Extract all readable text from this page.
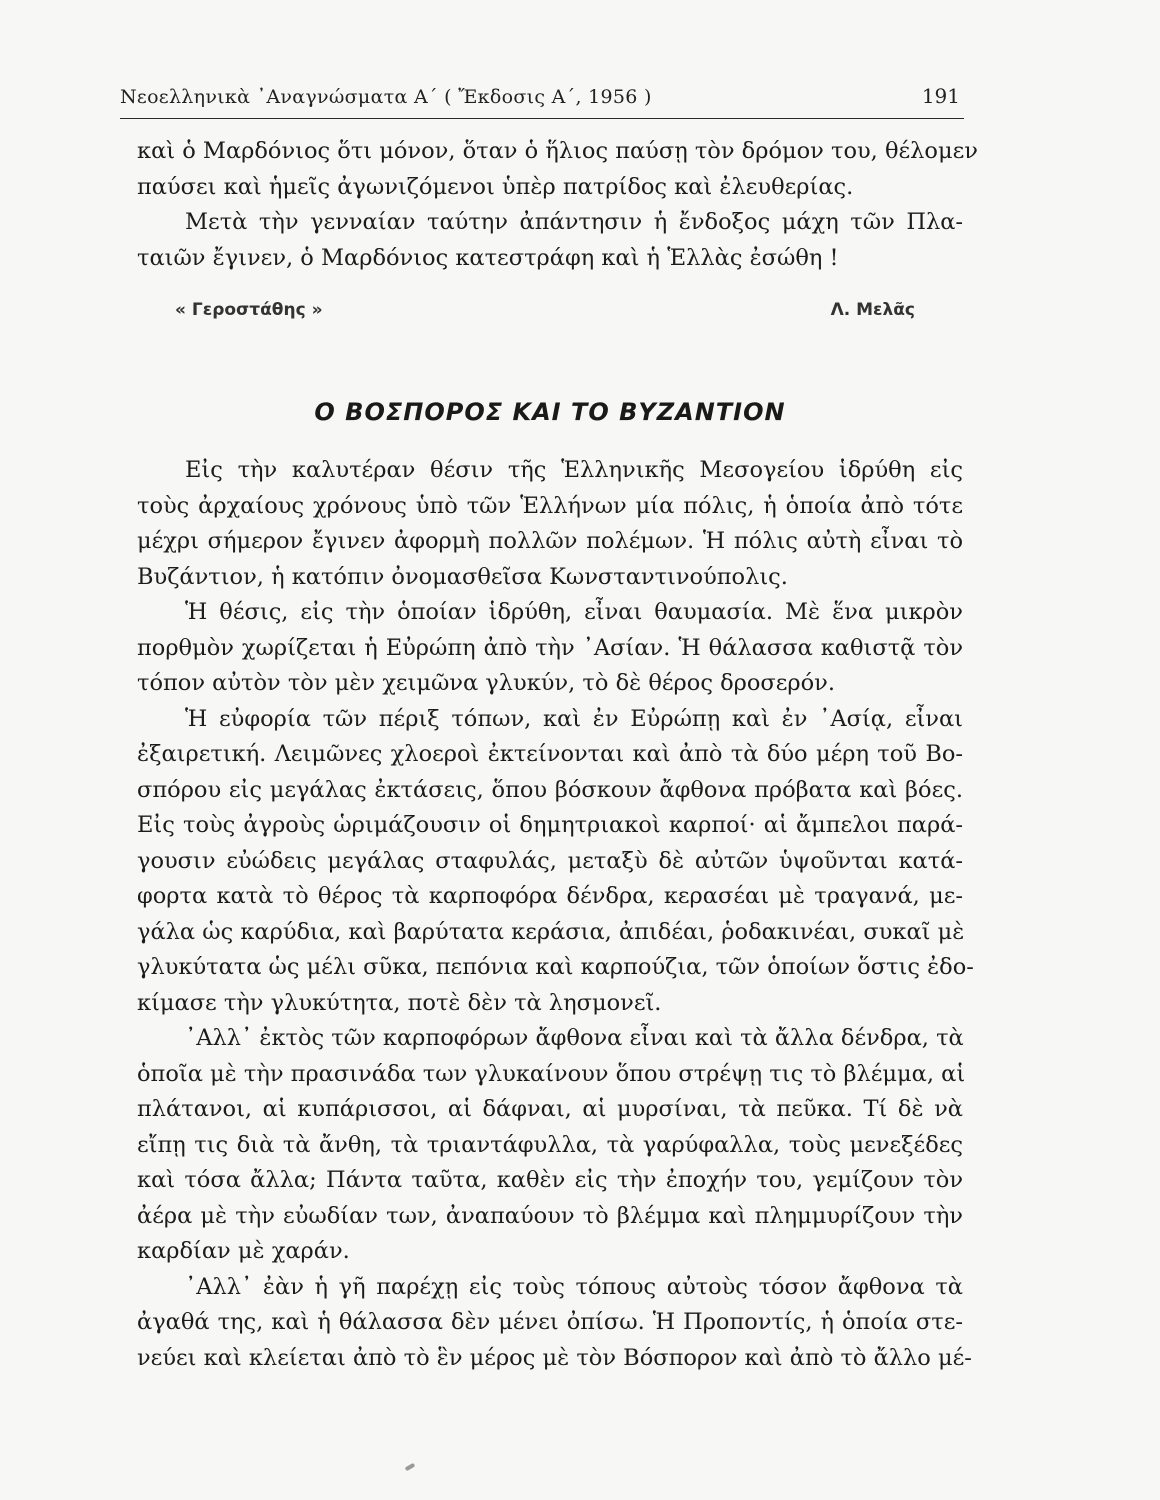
Νεοελληνικὰ ᾿Αναγνώσματα Α΄ ( Ἔκδοσις Α΄, 1956 )	191
καὶ ὁ Μαρδόνιος ὅτι μόνον, ὅταν ὁ ἥλιος παύσῃ τὸν δρόμον του, θέλομεν
παύσει καὶ ἡμεῖς ἀγωνιζόμενοι ὑπὲρ πατρίδος καὶ ἐλευθερίας.
Μετὰ τὴν γενναίαν ταύτην ἀπάντησιν ἡ ἔνδοξος μάχη τῶν Πλα-
ταιῶν ἔγινεν, ὁ Μαρδόνιος κατεστράφη καὶ ἡ Ἑλλὰς ἐσώθη !
« Γεροστάθης »	Λ. Μελᾶς
Ο ΒΟΣΠΟΡΟΣ ΚΑΙ ΤΟ ΒΥΖΑΝΤΙΟΝ
Εἰς τὴν καλυτέραν θέσιν τῆς Ἑλληνικῆς Μεσογείου ἱδρύθη εἰς
τοὺς ἀρχαίους χρόνους ὑπὸ τῶν Ἑλλήνων μία πόλις, ἡ ὁποία ἀπὸ τότε
μέχρι σήμερον ἔγινεν ἀφορμὴ πολλῶν πολέμων. Ἡ πόλις αὐτὴ εἶναι τὸ
Βυζάντιον, ἡ κατόπιν ὀνομασθεῖσα Κωνσταντινούπολις.
Ἡ θέσις, εἰς τὴν ὁποίαν ἱδρύθη, εἶναι θαυμασία. Μὲ ἕνα μικρὸν
πορθμὸν χωρίζεται ἡ Εὐρώπη ἀπὸ τὴν ᾿Ασίαν. Ἡ θάλασσα καθιστᾷ τὸν
τόπον αὐτὸν τὸν μὲν χειμῶνα γλυκύν, τὸ δὲ θέρος δροσερόν.
Ἡ εὐφορία τῶν πέριξ τόπων, καὶ ἐν Εὐρώπῃ καὶ ἐν ᾿Ασίᾳ, εἶναι
ἐξαιρετική. Λειμῶνες χλοεροὶ ἐκτείνονται καὶ ἀπὸ τὰ δύο μέρη τοῦ Βο-
σπόρου εἰς μεγάλας ἐκτάσεις, ὅπου βόσκουν ἄφθονα πρόβατα καὶ βόες.
Εἰς τοὺς ἀγροὺς ὡριμάζουσιν οἱ δημητριακοὶ καρποί· αἱ ἄμπελοι παρά-
γουσιν εὐώδεις μεγάλας σταφυλάς, μεταξὺ δὲ αὐτῶν ὑψοῦνται κατά-
φορτα κατὰ τὸ θέρος τὰ καρποφόρα δένδρα, κερασέαι μὲ τραγανά, με-
γάλα ὡς καρύδια, καὶ βαρύτατα κεράσια, ἀπιδέαι, ῥοδακινέαι, συκαῖ μὲ
γλυκύτατα ὡς μέλι σῦκα, πεπόνια καὶ καρπούζια, τῶν ὁποίων ὅστις ἐδο-
κίμασε τὴν γλυκύτητα, ποτὲ δὲν τὰ λησμονεῖ.
᾿Αλλ᾿ ἐκτὸς τῶν καρποφόρων ἄφθονα εἶναι καὶ τὰ ἄλλα δένδρα, τὰ
ὁποῖα μὲ τὴν πρασινάδα των γλυκαίνουν ὅπου στρέψῃ τις τὸ βλέμμα, αἱ
πλάτανοι, αἱ κυπάρισσοι, αἱ δάφναι, αἱ μυρσίναι, τὰ πεῦκα. Τί δὲ νὰ
εἴπῃ τις διὰ τὰ ἄνθη, τὰ τριαντάφυλλα, τὰ γαρύφαλλα, τοὺς μενεξέδες
καὶ τόσα ἄλλα; Πάντα ταῦτα, καθὲν εἰς τὴν ἐποχήν του, γεμίζουν τὸν
ἀέρα μὲ τὴν εὐωδίαν των, ἀναπαύουν τὸ βλέμμα καὶ πλημμυρίζουν τὴν
καρδίαν μὲ χαράν.
᾿Αλλ᾿ ἐὰν ἡ γῆ παρέχῃ εἰς τοὺς τόπους αὐτοὺς τόσον ἄφθονα τὰ
ἀγαθά της, καὶ ἡ θάλασσα δὲν μένει ὀπίσω. Ἡ Προποντίς, ἡ ὁποία στε-
νεύει καὶ κλείεται ἀπὸ τὸ ἓν μέρος μὲ τὸν Βόσπορον καὶ ἀπὸ τὸ ἄλλο μέ-
